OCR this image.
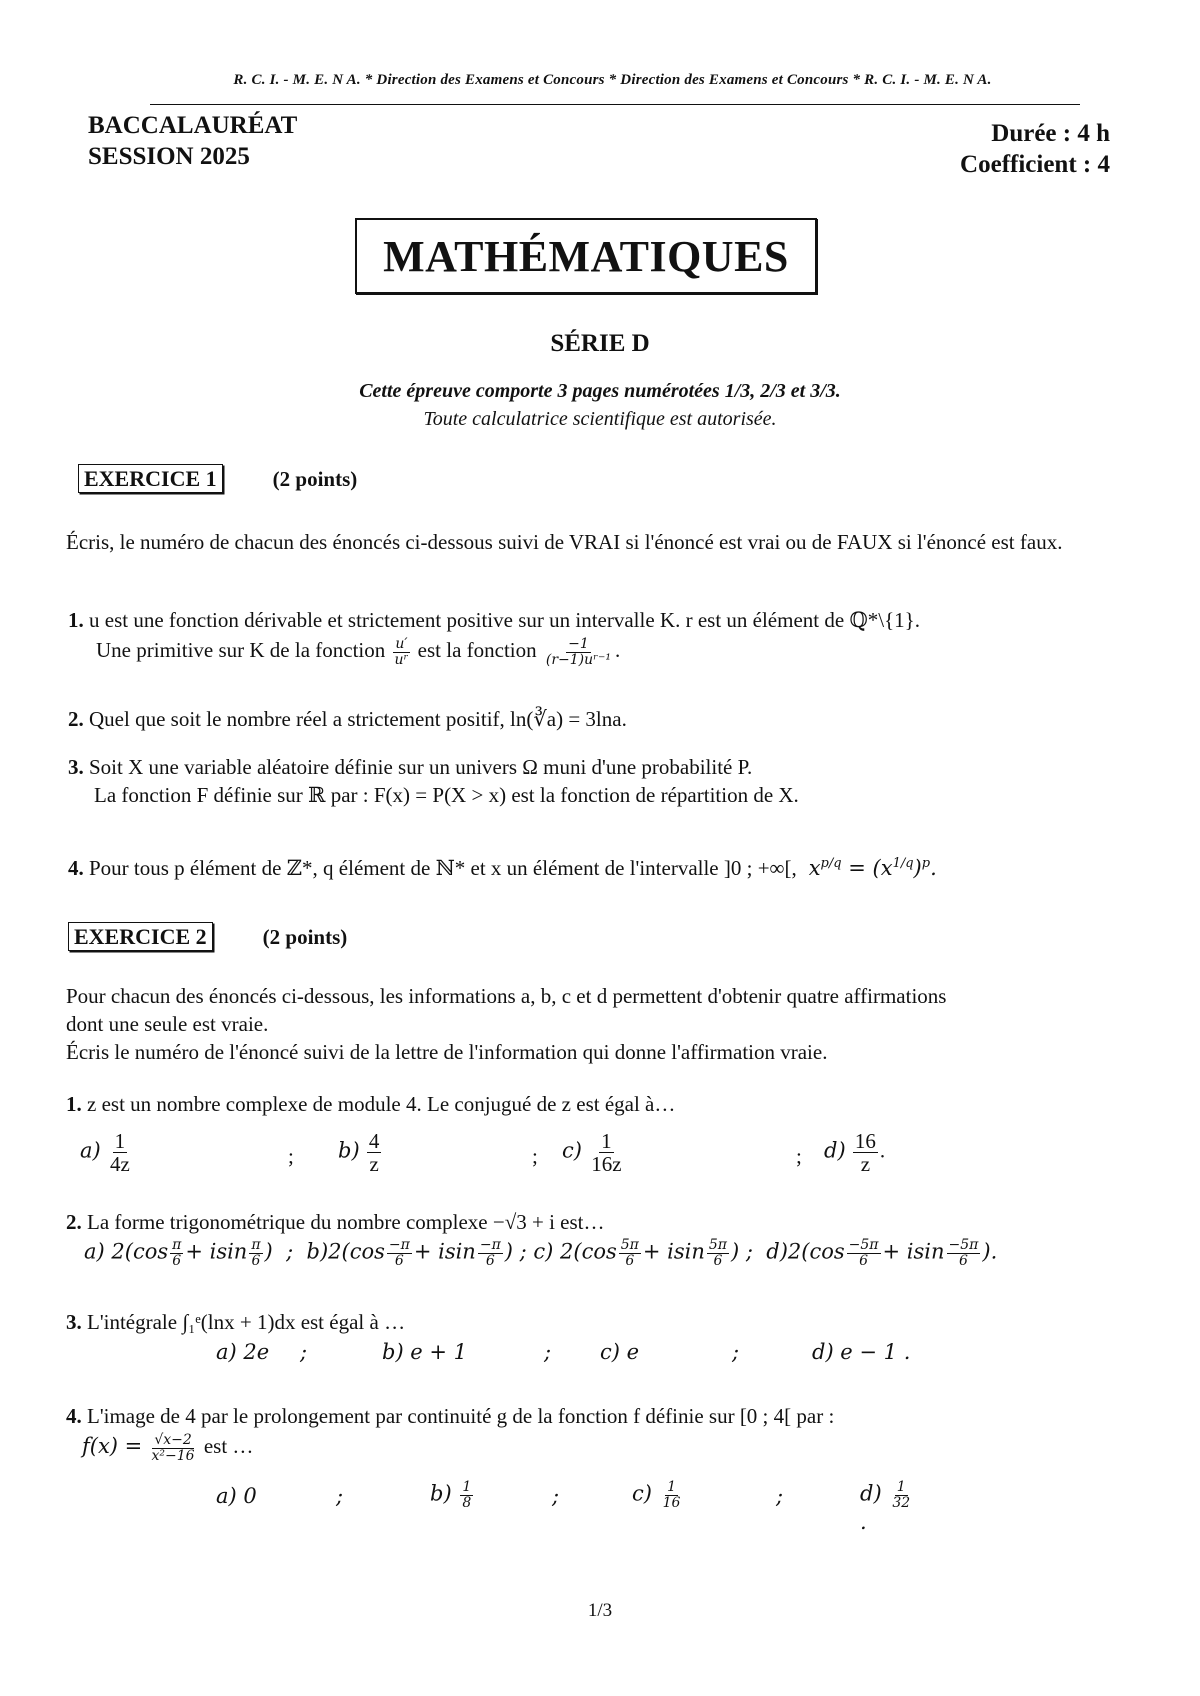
R. C. I. - M. E. N A. * Direction des Examens et Concours * Direction des Examens et Concours * R. C. I. - M. E. N A.
BACCALAURÉAT
SESSION 2025
Durée : 4 h
Coefficient : 4
MATHÉMATIQUES
SÉRIE D
Cette épreuve comporte 3 pages numérotées 1/3, 2/3 et 3/3.
Toute calculatrice scientifique est autorisée.
EXERCICE 1	(2 points)
Écris, le numéro de chacun des énoncés ci-dessous suivi de VRAI si l'énoncé est vrai ou de FAUX si l'énoncé est faux.
1. u est une fonction dérivable et strictement positive sur un intervalle K. r est un élément de ℚ*\{1}.
Une primitive sur K de la fonction $\frac{u'}{\text{uʳ}}$ est la fonction $\frac{-1}{\text{(r−1)uʳ⁻¹}}$ .
2. Quel que soit le nombre réel a strictement positif, ln(∛a) = 3lna.
3. Soit X une variable aléatoire définie sur un univers Ω muni d'une probabilité P.
La fonction F définie sur ℝ par : F(x) = P(X > x) est la fonction de répartition de X.
4. Pour tous p élément de ℤ*, q élément de ℕ* et x un élément de l'intervalle ]0 ; +∞[,  $x^{p/q} = (x^{1/q})^p$.
EXERCICE 2	(2 points)
Pour chacun des énoncés ci-dessous, les informations a, b, c et d permettent d'obtenir quatre affirmations dont une seule est vraie.
Écris le numéro de l'énoncé suivi de la lettre de l'information qui donne l'affirmation vraie.
1. z est un nombre complexe de module 4. Le conjugué de z est égal à…
$a) \frac{1}{4z}$	; $b) \frac{4}{z}$	; $c) \frac{1}{16z}$	; $d) \frac{16}{z}$ .
2. La forme trigonométrique du nombre complexe −√3 + i est…
a) $2(\cos \frac{\pi}{6} + isin \frac{\pi}{6}$ )  ;  $b)2(\cos \frac{-\pi}{6} + isin \frac{-\pi}{6}$ ) ; c) $2(\cos \frac{5\pi}{6} + isin \frac{5\pi}{6}$ ) ;  $d)2(\cos \frac{-5\pi}{6} + isin \frac{-5\pi}{6}$ ).
3. L'intégrale ∫₁ᵉ(lnx + 1)dx est égal à …
a) 2e ;	b) e + 1	; c) e	;	d) e − 1 .
4. L'image de 4 par le prolongement par continuité g de la fonction f définie sur [0 ; 4[ par :
$f(x) = \frac{√x-2}{\text{x²−16}}$ est …
a) 0	;	$b) \frac{1}{8}$	;	$c) \frac{1}{16}$	;	$d) \frac{1}{32}$
.
1/3
